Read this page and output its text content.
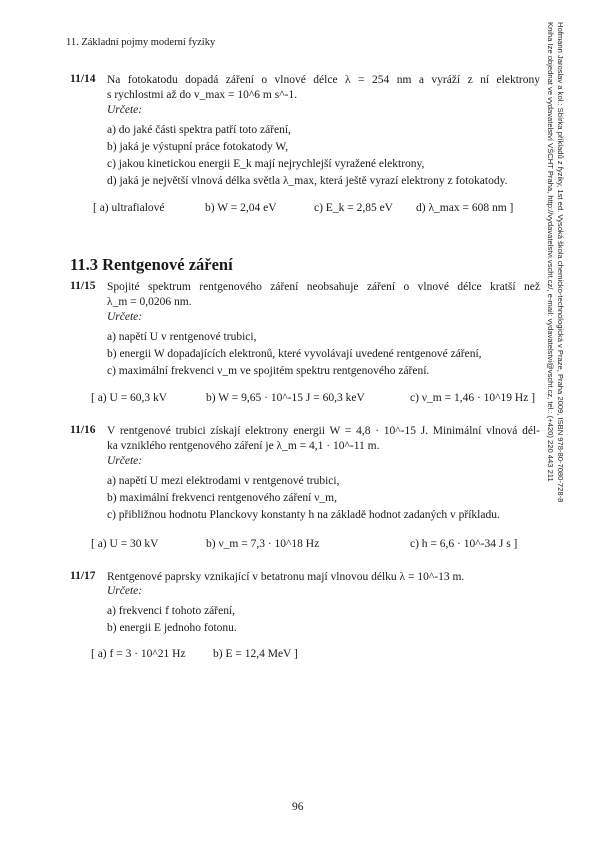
11. Základní pojmy moderní fyziky
11/14 Na fotokatodu dopadá záření o vlnové délce λ = 254 nm a vyráží z ní elektrony
s rychlostmi až do v_max = 10^6 m s^-1.
Určete:
a) do jaké části spektra patří toto záření,
b) jaká je výstupní práce fotokatody W,
c) jakou kinetickou energii E_k mají nejrychlejší vyražené elektrony,
d) jaká je největší vlnová délka světla λ_max, která ještě vyrazí elektrony z fotokatody.
[ a) ultrafialové	b) W = 2,04 eV	c) E_k = 2,85 eV d) λ_max = 608 nm ]
11.3 Rentgenové záření
11/15 Spojité spektrum rentgenového záření neobsahuje záření o vlnové délce kratší než
λ_m = 0,0206 nm.
Určete:
a) napětí U v rentgenové trubici,
b) energii W dopadajících elektronů, které vyvolávají uvedené rentgenové záření,
c) maximální frekvenci ν_m ve spojitém spektru rentgenového záření.
[ a) U = 60,3 kV	b) W = 9,65 · 10^-15 J = 60,3 keV	c) ν_m = 1,46 · 10^19 Hz ]
11/16 V rentgenové trubici získají elektrony energii W = 4,8 · 10^-15 J. Minimální vlnová dél-
ka vzniklého rentgenového záření je λ_m = 4,1 · 10^-11 m.
Určete:
a) napětí U mezi elektrodami v rentgenové trubici,
b) maximální frekvenci rentgenového záření ν_m,
c) přibližnou hodnotu Planckovy konstanty h na základě hodnot zadaných v příkladu.
[ a) U = 30 kV	b) ν_m = 7,3 · 10^18 Hz	c) h = 6,6 · 10^-34 J s ]
11/17 Rentgenové paprsky vznikající v betatronu mají vlnovou délku λ = 10^-13 m.
Určete:
a) frekvenci f tohoto záření,
b) energii E jednoho fotonu.
[ a) f = 3 · 10^21 Hz b) E = 12,4 MeV ]
96
Hofmann Jaroslav a kol.: Sbírka příkladů z fyziky, 1st ed. Vysoká škola chemicko-technologická v Praze, Praha 2009, ISBN 978-80-7080-728-8
Kniha Ize objednat ve vydavatelství VŠCHT Praha, http://vydavatelstvi.vscht.cz/, e-mail: vydavatelstvi@vscht.cz, tel.: (+420) 220 443 211
